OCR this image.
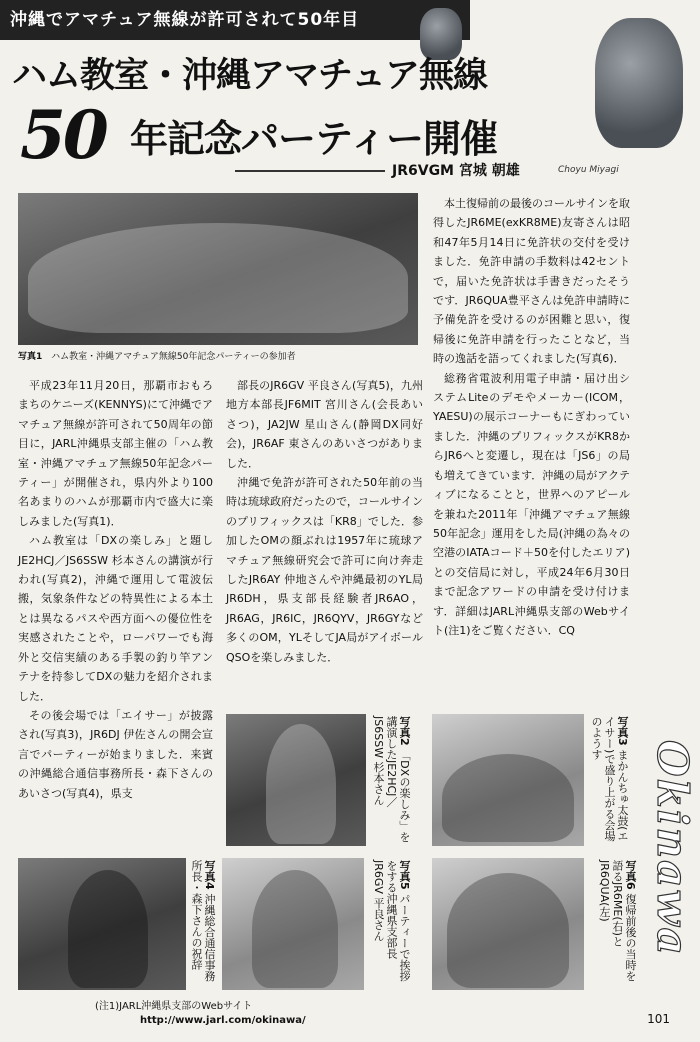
沖縄でアマチュア無線が許可されて50年目
ハム教室・沖縄アマチュア無線
50 年記念パーティー開催
JR6VGM 宮城 朝雄	Choyu Miyagi
写真1 ハム教室・沖縄アマチュア無線50年記念パーティーの参加者

平成23年11月20日，那覇市おもろまちのケニーズ(KENNYS)にて沖縄でアマチュア無線が許可されて50周年の節目に，JARL沖縄県支部主催の「ハム教室・沖縄アマチュア無線50年記念パーティー」が開催され，県内外より100名あまりのハムが那覇市内で盛大に楽しみました(写真1)．

ハム教室は「DXの楽しみ」と題しJE2HCJ／JS6SSW 杉本さんの講演が行われ(写真2)，沖縄で運用して電波伝搬，気象条件などの特異性による本土とは異なるパスや西方面への優位性を実感されたことや，ローパワーでも海外と交信実績のある手製の釣り竿アンテナを持参してDXの魅力を紹介されました．

その後会場では「エイサー」が披露され(写真3)，JR6DJ 伊佐さんの開会宣言でパーティーが始まりました．来賓の沖縄総合通信事務所長・森下さんのあいさつ(写真4)，県支

部長のJR6GV 平良さん(写真5)，九州地方本部長JF6MIT 宮川さん(会長あいさつ)，JA2JW 星山さん(静岡DX同好会)，JR6AF 東さんのあいさつがありました．

沖縄で免許が許可された50年前の当時は琉球政府だったので，コールサインのプリフィックスは「KR8」でした．参加したOMの顔ぶれは1957年に琉球アマチュア無線研究会で許可に向け奔走したJR6AY 仲地さんや沖縄最初のYL局JR6DH，県支部長経験者JR6AO，JR6AG，JR6IC，JR6QYV，JR6GYなど多くのOM，YLそしてJA局がアイボールQSOを楽しみました．

本土復帰前の最後のコールサインを取得したJR6ME(exKR8ME)友寄さんは昭和47年5月14日に免許状の交付を受けました．免許申請の手数料は42セントで，届いた免許状は手書きだったそうです．JR6QUA豊平さんは免許申請時に予備免許を受けるのが困難と思い，復帰後に免許申請を行ったことなど，当時の逸話を語ってくれました(写真6)．

総務省電波利用電子申請・届け出システムLiteのデモやメーカー(ICOM，YAESU)の展示コーナーもにぎわっていました．沖縄のプリフィックスがKR8からJR6へと変遷し，現在は「JS6」の局も増えてきています．沖縄の局がアクティブになることと，世界へのアピールを兼ねた2011年「沖縄アマチュア無線50年記念」運用をした局(沖縄の為々の空港のIATAコード＋50を付したエリア)との交信局に対し，平成24年6月30日まで記念アワードの申請を受け付けます．詳細はJARL沖縄県支部のWebサイト(注1)をご覧ください．CQ

写真2 「DXの楽しみ」を講演したJE2HCJ／JS6SSW 杉本さん	写真3 まかんちゅ太鼓(エイサー)で盛り上がる会場のようす
写真4 沖縄総合通信事務所長・森下さんの祝辞	写真5 パーティーで挨拶をする沖縄県支部長JR6GV 平良さん	写真6 復帰前後の当時を語るJR6ME(右)とJR6QUA(左) Okinawa
(注1)JARL沖縄県支部のWebサイト
http://www.jarl.com/okinawa/	101
